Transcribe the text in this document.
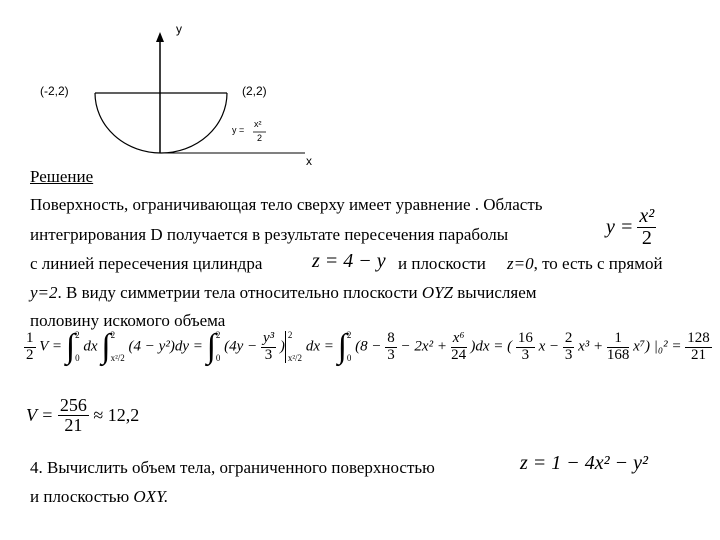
y
x
(-2,2)	(2,2)
y =
x²
2
Решение
Поверхность, ограничивающая тело сверху имеет уравнение . Область
интегрирования D получается в результате пересечения параболы	$y = \frac{\text{x²}}{2}$
с линией пересечения цилиндра z = 4 − y и плоскости z=0, то есть с прямой
y=2. В виду симметрии тела относительно плоскости OYZ вычисляем
половину искомого объема
$\frac{1}{2}$ V = ∫ 2
0
dx ∫ 2
x²/2
(4 − y²)dy = ∫ 2
0
($4y - \frac{\text{y³}}{3}$ )
2
x²/2
dx = ∫ 2
0
$(8 - \frac{8}{3} - 2x^2 + \frac{\text{x⁶}}{24} )dx$ = ( $\frac{16}{3}$ $x - \frac{2}{3} x^3 + \frac{1}{168} x^7$) $|_0^2 = \frac{128}{21}$
$V = \frac{256}{21} \approx 12,2$
4. Вычислить объем тела, ограниченного поверхностью	z = 1 − 4x² − y²
и плоскостью OXY.
